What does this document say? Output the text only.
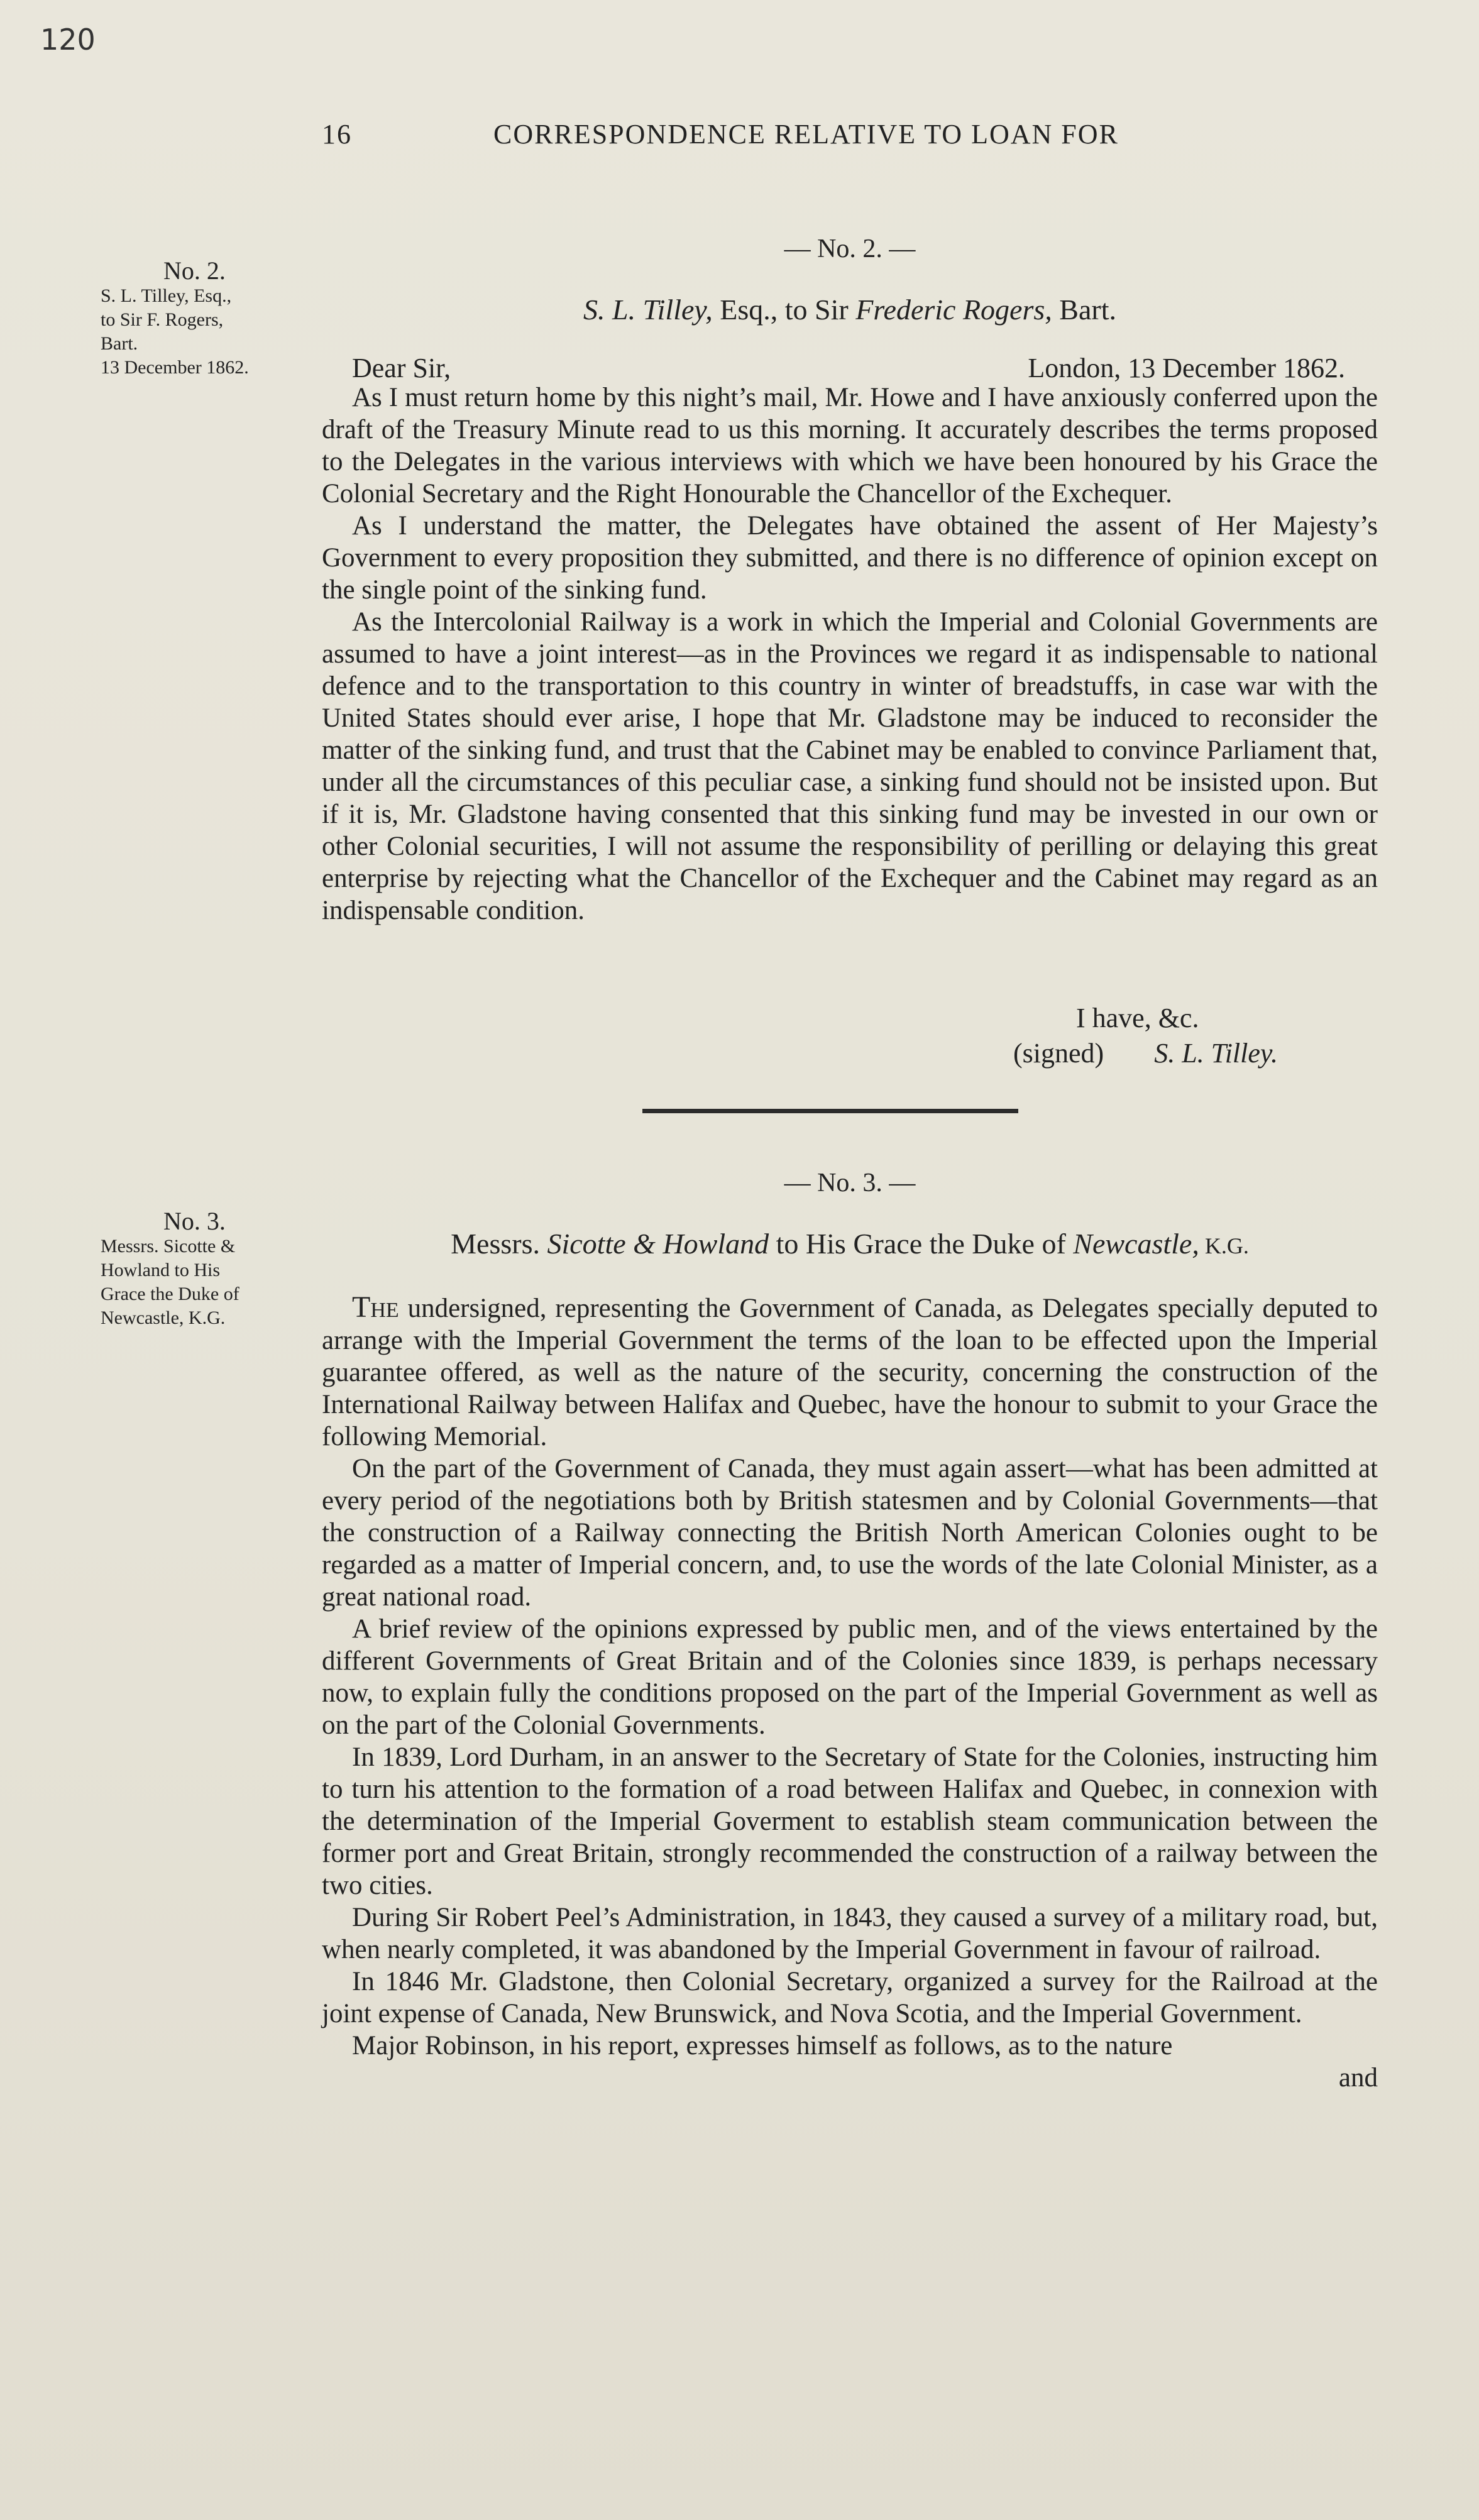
120
16	CORRESPONDENCE RELATIVE TO LOAN FOR
No. 2.
S. L. Tilley, Esq.,
to Sir F. Rogers,
Bart.
13 December 1862.
— No. 2. —
S. L. Tilley, Esq., to Sir Frederic Rogers, Bart.
Dear Sir,	London, 13 December 1862.

As I must return home by this night’s mail, Mr. Howe and I have anxiously conferred upon the draft of the Treasury Minute read to us this morning. It accurately describes the terms proposed to the Delegates in the various interviews with which we have been honoured by his Grace the Colonial Secretary and the Right Honourable the Chancellor of the Exchequer.

As I understand the matter, the Delegates have obtained the assent of Her Majesty’s Government to every proposition they submitted, and there is no difference of opinion except on the single point of the sinking fund.

As the Intercolonial Railway is a work in which the Imperial and Colonial Governments are assumed to have a joint interest—as in the Provinces we regard it as indispensable to national defence and to the transportation to this country in winter of breadstuffs, in case war with the United States should ever arise, I hope that Mr. Gladstone may be induced to reconsider the matter of the sinking fund, and trust that the Cabinet may be enabled to convince Parliament that, under all the circumstances of this peculiar case, a sinking fund should not be insisted upon. But if it is, Mr. Gladstone having consented that this sinking fund may be invested in our own or other Colonial securities, I will not assume the responsibility of perilling or delaying this great enterprise by rejecting what the Chancellor of the Exchequer and the Cabinet may regard as an indispensable condition.

I have, &c.
(signed) S. L. Tilley.
— No. 3. —
No. 3.
Messrs. Sicotte &
Howland to His
Grace the Duke of
Newcastle, K.G.
Messrs. Sicotte & Howland to His Grace the Duke of Newcastle, K.G.

The undersigned, representing the Government of Canada, as Delegates specially deputed to arrange with the Imperial Government the terms of the loan to be effected upon the Imperial guarantee offered, as well as the nature of the security, concerning the construction of the International Railway between Halifax and Quebec, have the honour to submit to your Grace the following Memorial.

On the part of the Government of Canada, they must again assert—what has been admitted at every period of the negotiations both by British statesmen and by Colonial Governments—that the construction of a Railway connecting the British North American Colonies ought to be regarded as a matter of Imperial concern, and, to use the words of the late Colonial Minister, as a great national road.

A brief review of the opinions expressed by public men, and of the views entertained by the different Governments of Great Britain and of the Colonies since 1839, is perhaps necessary now, to explain fully the conditions proposed on the part of the Imperial Government as well as on the part of the Colonial Governments.

In 1839, Lord Durham, in an answer to the Secretary of State for the Colonies, instructing him to turn his attention to the formation of a road between Halifax and Quebec, in connexion with the determination of the Imperial Goverment to establish steam communication between the former port and Great Britain, strongly recommended the construction of a railway between the two cities.

During Sir Robert Peel’s Administration, in 1843, they caused a survey of a military road, but, when nearly completed, it was abandoned by the Imperial Government in favour of railroad.

In 1846 Mr. Gladstone, then Colonial Secretary, organized a survey for the Railroad at the joint expense of Canada, New Brunswick, and Nova Scotia, and the Imperial Government.

Major Robinson, in his report, expresses himself as follows, as to the nature

and
